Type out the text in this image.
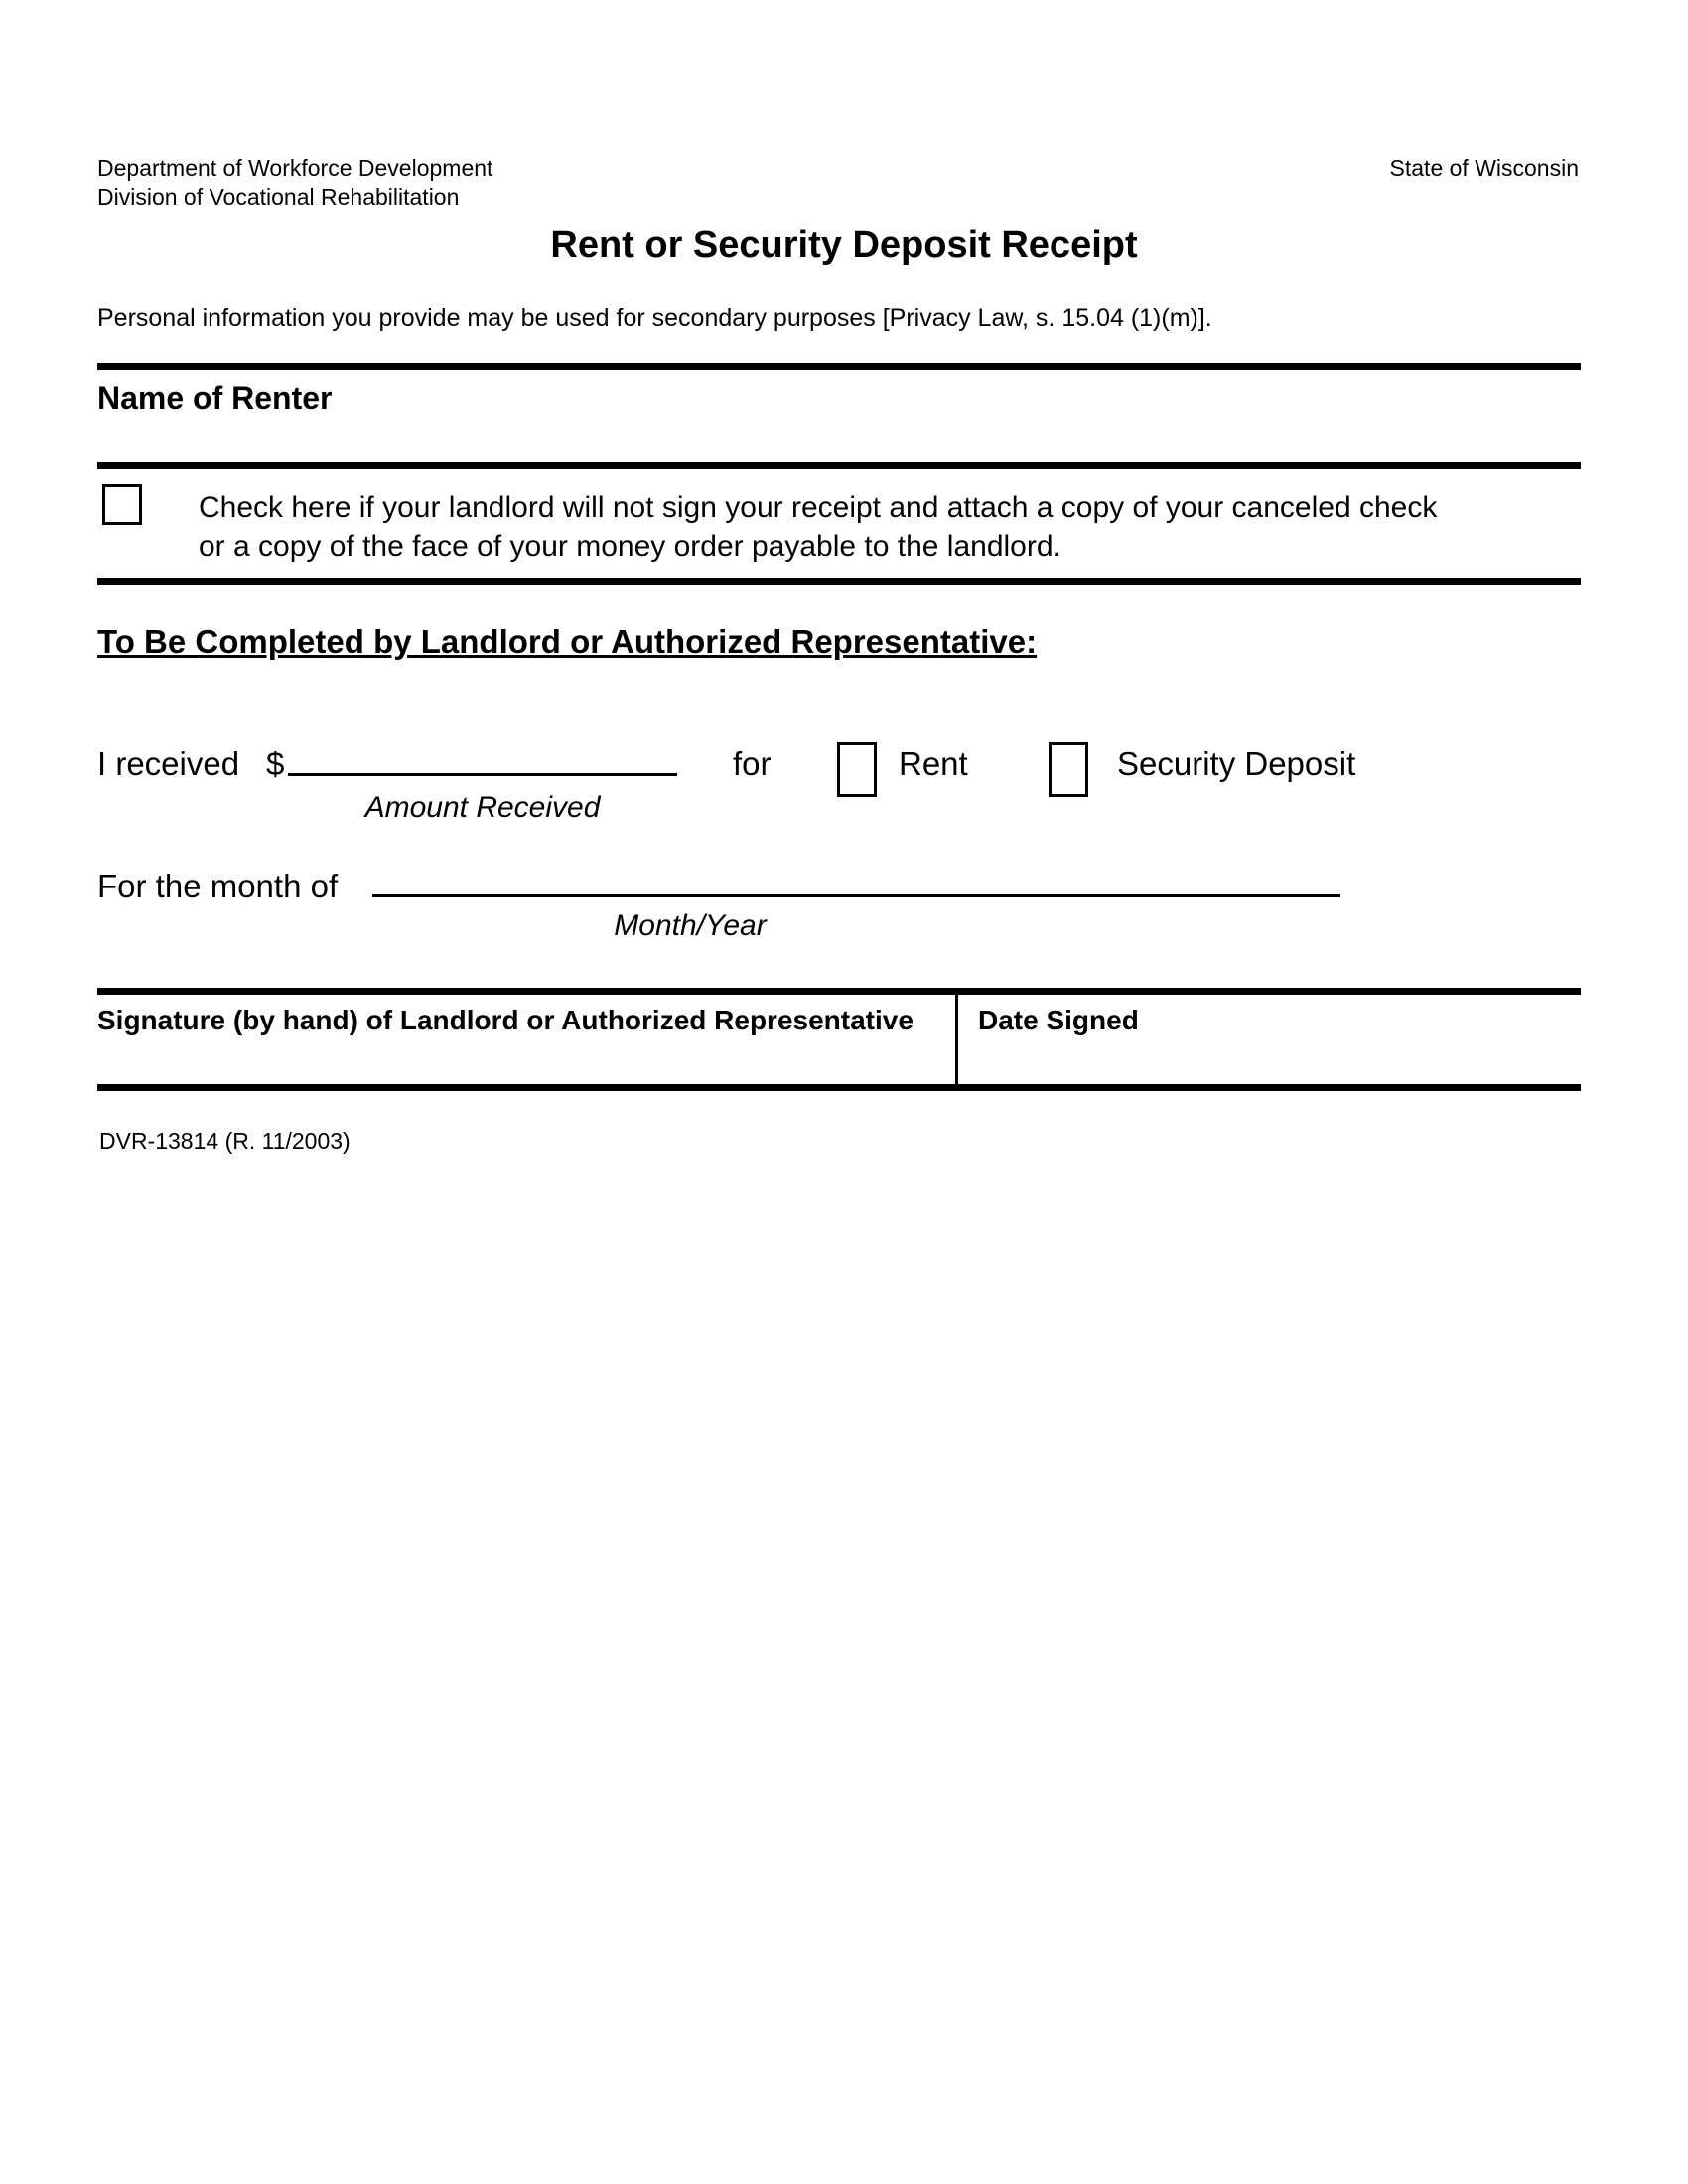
Department of Workforce Development
Division of Vocational Rehabilitation
State of Wisconsin
Rent or Security Deposit Receipt
Personal information you provide may be used for secondary purposes [Privacy Law, s. 15.04 (1)(m)].
Name of Renter
Check here if your landlord will not sign your receipt and attach a copy of your canceled check
or a copy of the face of your money order payable to the landlord.
To Be Completed by Landlord or Authorized Representative:
I received $	for	Rent	Security Deposit
Amount Received
For the month of
Month/Year
Signature (by hand) of Landlord or Authorized Representative	Date Signed
DVR-13814 (R. 11/2003)
